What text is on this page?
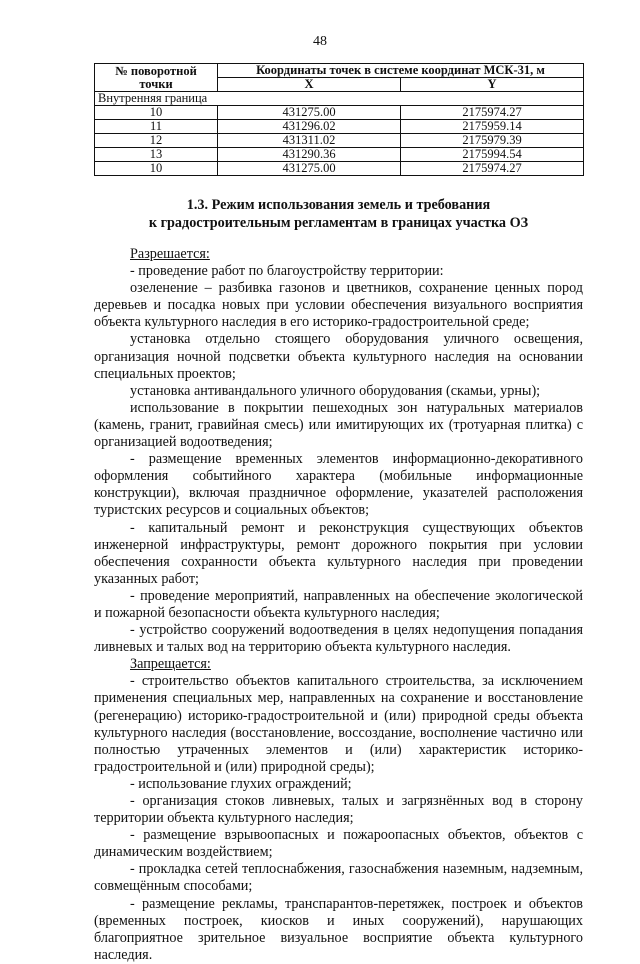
48
№ поворотной точки	Координаты точек в системе координат МСК-31, м	
	X	Y
Внутренняя граница		
10	431275.00	2175974.27
11	431296.02	2175959.14
12	431311.02	2175979.39
13	431290.36	2175994.54
10	431275.00	2175974.27
1.3. Режим использования земель и требования
к градостроительным регламентам в границах участка ОЗ

Разрешается:

- проведение работ по благоустройству территории:

озеленение – разбивка газонов и цветников, сохранение ценных пород деревьев и посадка новых при условии обеспечения визуального восприятия объекта культурного наследия в его историко-градостроительной среде;

установка отдельно стоящего оборудования уличного освещения, организация ночной подсветки объекта культурного наследия на основании специальных проектов;

установка антивандального уличного оборудования (скамьи, урны);

использование в покрытии пешеходных зон натуральных материалов (камень, гранит, гравийная смесь) или имитирующих их (тротуарная плитка) с организацией водоотведения;

- размещение временных элементов информационно-декоративного оформления событийного характера (мобильные информационные конструкции), включая праздничное оформление, указателей расположения туристских ресурсов и социальных объектов;

- капитальный ремонт и реконструкция существующих объектов инженерной инфраструктуры, ремонт дорожного покрытия при условии обеспечения сохранности объекта культурного наследия при проведении указанных работ;

- проведение мероприятий, направленных на обеспечение экологической и пожарной безопасности объекта культурного наследия;

- устройство сооружений водоотведения в целях недопущения попадания ливневых и талых вод на территорию объекта культурного наследия.

Запрещается:

- строительство объектов капитального строительства, за исключением применения специальных мер, направленных на сохранение и восстановление (регенерацию) историко-градостроительной и (или) природной среды объекта культурного наследия (восстановление, воссоздание, восполнение частично или полностью утраченных элементов и (или) характеристик историко-градостроительной и (или) природной среды);

- использование глухих ограждений;

- организация стоков ливневых, талых и загрязнённых вод в сторону территории объекта культурного наследия;

- размещение взрывоопасных и пожароопасных объектов, объектов с динамическим воздействием;

- прокладка сетей теплоснабжения, газоснабжения наземным, надземным, совмещённым способами;

- размещение рекламы, транспарантов-перетяжек, построек и объектов (временных построек, киосков и иных сооружений), нарушающих благоприятное зрительное визуальное восприятие объекта культурного наследия.
